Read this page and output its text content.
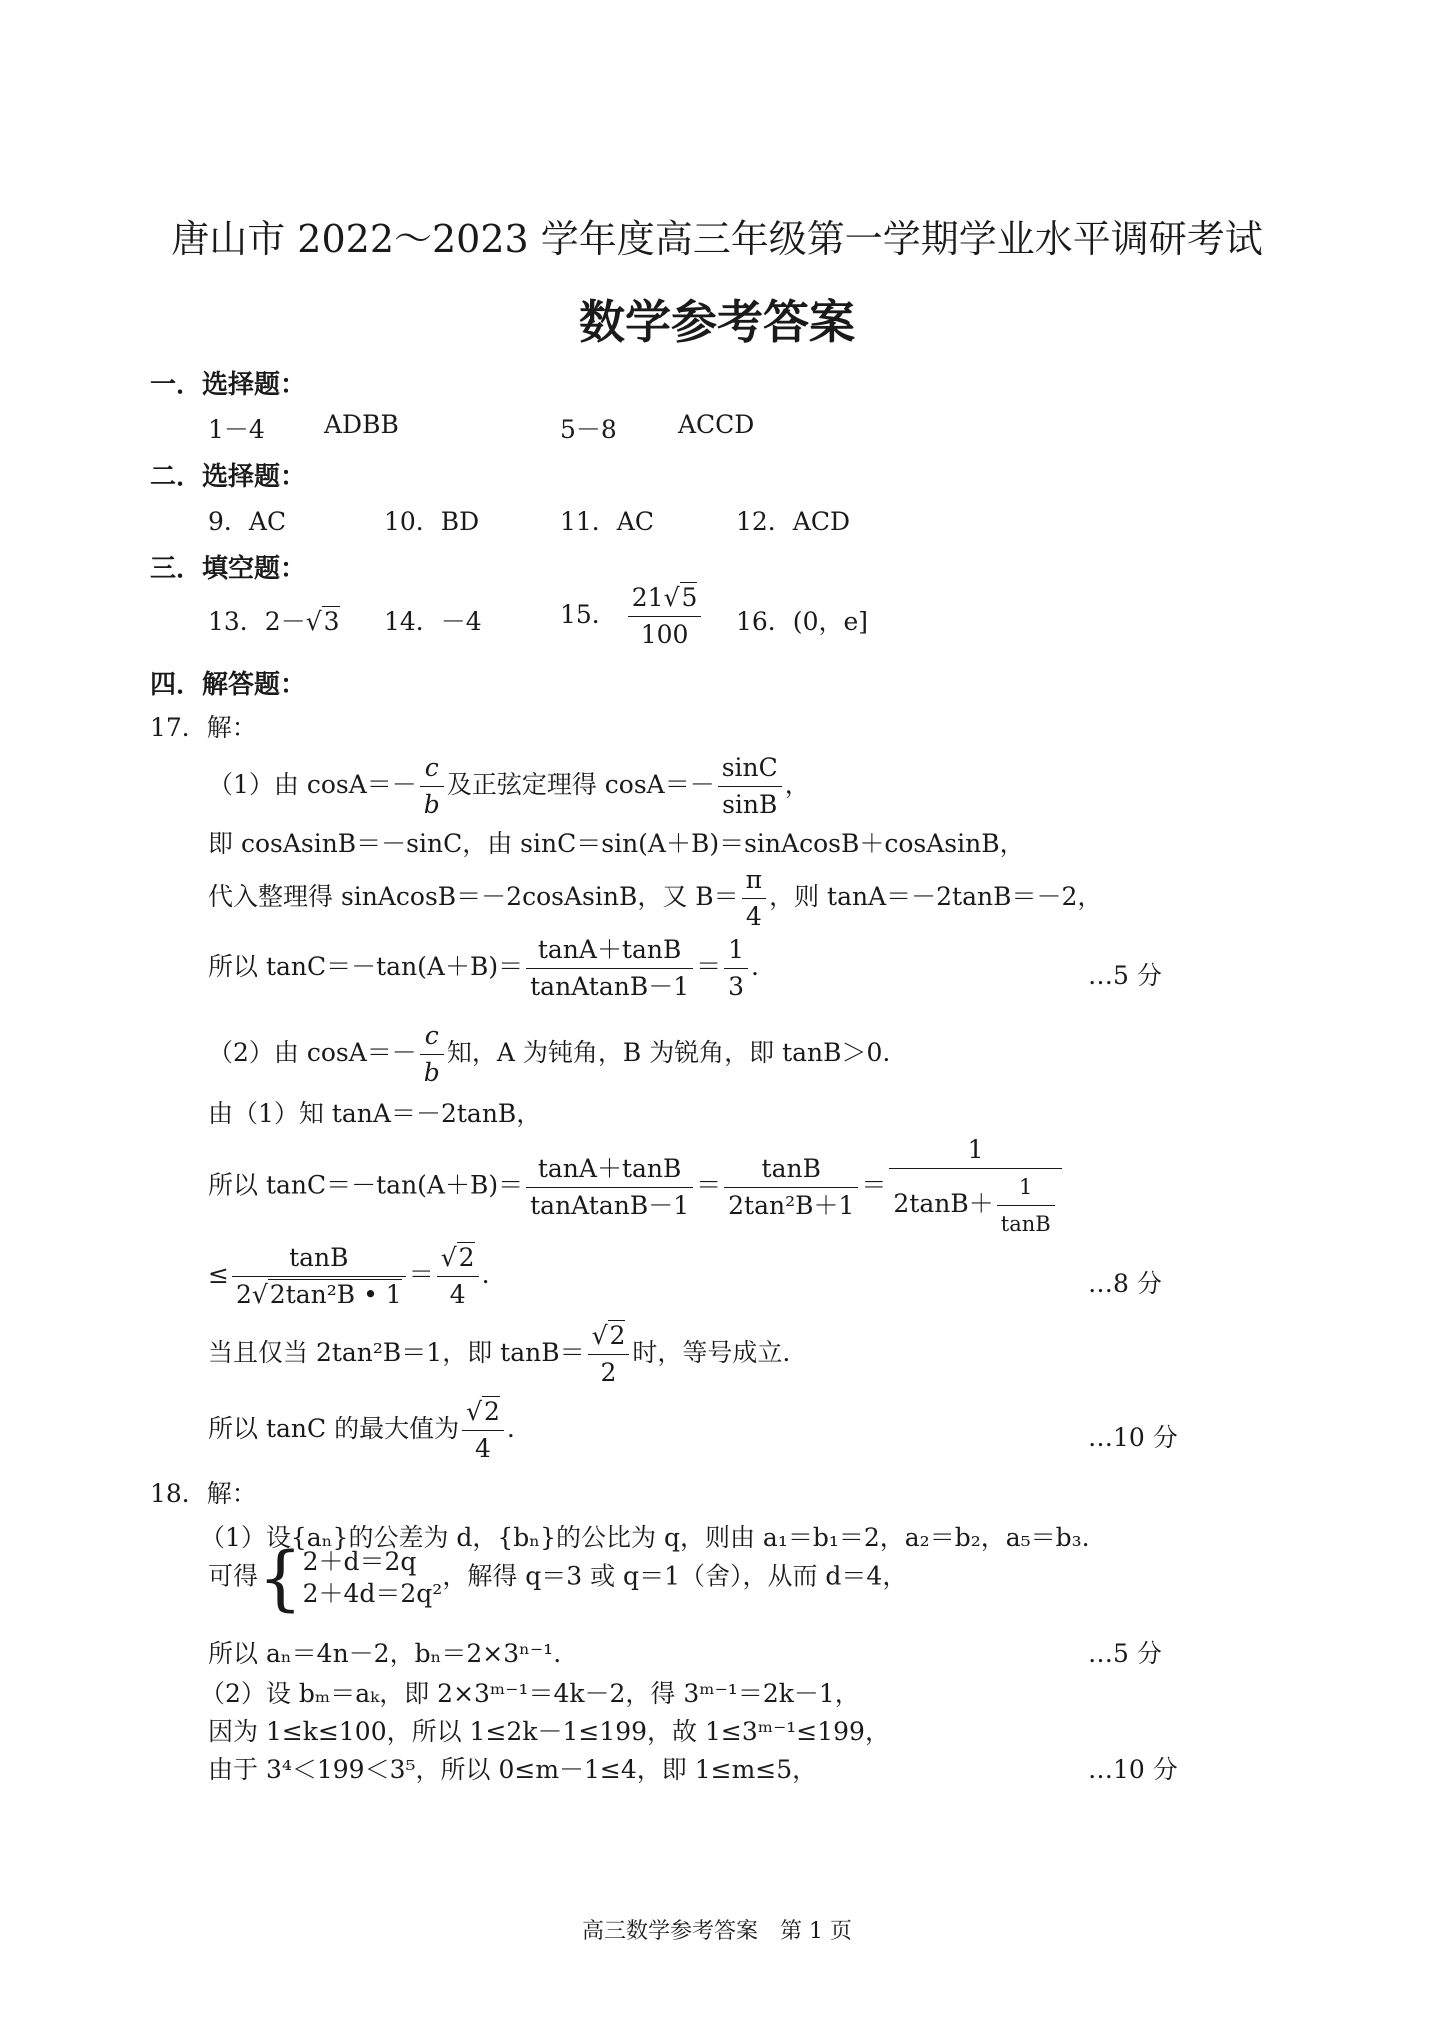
唐山市 2022～2023 学年度高三年级第一学期学业水平调研考试
数学参考答案
一．选择题：
1－4 ADBB	5－8 ACCD
二．选择题：
9．AC	10．BD	11．AC	12．ACD
三．填空题：
13．2－√3 14．－4	15． $\frac{21√5}{100} 16$．(0，e]
四．解答题：
17．解：
（1）由 $\cos A=- \frac{c}{b}$ 及正弦定理得 $\cos A=- \frac{\sin C}{\sin B}$ ，
即 cosAsinB＝－sinC，由 sinC＝sin(A＋B)＝sinAcosB＋cosAsinB，
代入整理得 sinAcosB＝－2cosAsinB，又 $B= \frac{\pi}{4}$ ，则 tanA＝－2tanB＝－2，
所以 $\tan C=-\tan(A+B)= \frac{\tan A+\tan B}{\text{tanAtanB－1}} = \frac{1}{3}$ .	…5 分
（2）由 $\cos A=- \frac{c}{b}$ 知，A 为钝角，B 为锐角，即 tanB＞0.
由（1）知 tanA＝－2tanB，
所以 $\tan C=-\tan(A+B)= \frac{\tan A+\tan B}{\text{tanAtanB－1}} = \frac{\tan B}{\text{2tan²B＋1}} = \frac{1}{2\tan B+ \frac{1}{\tan B}}$
≤ $\frac{\tan B}{\text{2√2tan²B • 1}} = \frac{√2}{4}$ .	…8 分
当且仅当 2tan²B＝1，即 $\tan B= \frac{√2}{2}$ 时，等号成立.
所以 tanC 的最大值为 $\frac{√2}{4}$ .	…10 分
18．解：
（1）设{aₙ}的公差为 d，{bₙ}的公比为 q，则由 a₁＝b₁＝2，a₂＝b₂，a₅＝b₃.
可得{ 2＋d＝2q
2＋4d＝2q²
，解得 q＝3 或 q＝1（舍），从而 d＝4，
所以 aₙ＝4n－2，bₙ＝2×3ⁿ⁻¹.	…5 分
（2）设 bₘ＝aₖ，即 2×3ᵐ⁻¹＝4k－2，得 3ᵐ⁻¹＝2k－1，
因为 1≤k≤100，所以 1≤2k－1≤199，故 1≤3ᵐ⁻¹≤199，
由于 3⁴＜199＜3⁵，所以 0≤m－1≤4，即 1≤m≤5，	…10 分
高三数学参考答案　第 1 页
